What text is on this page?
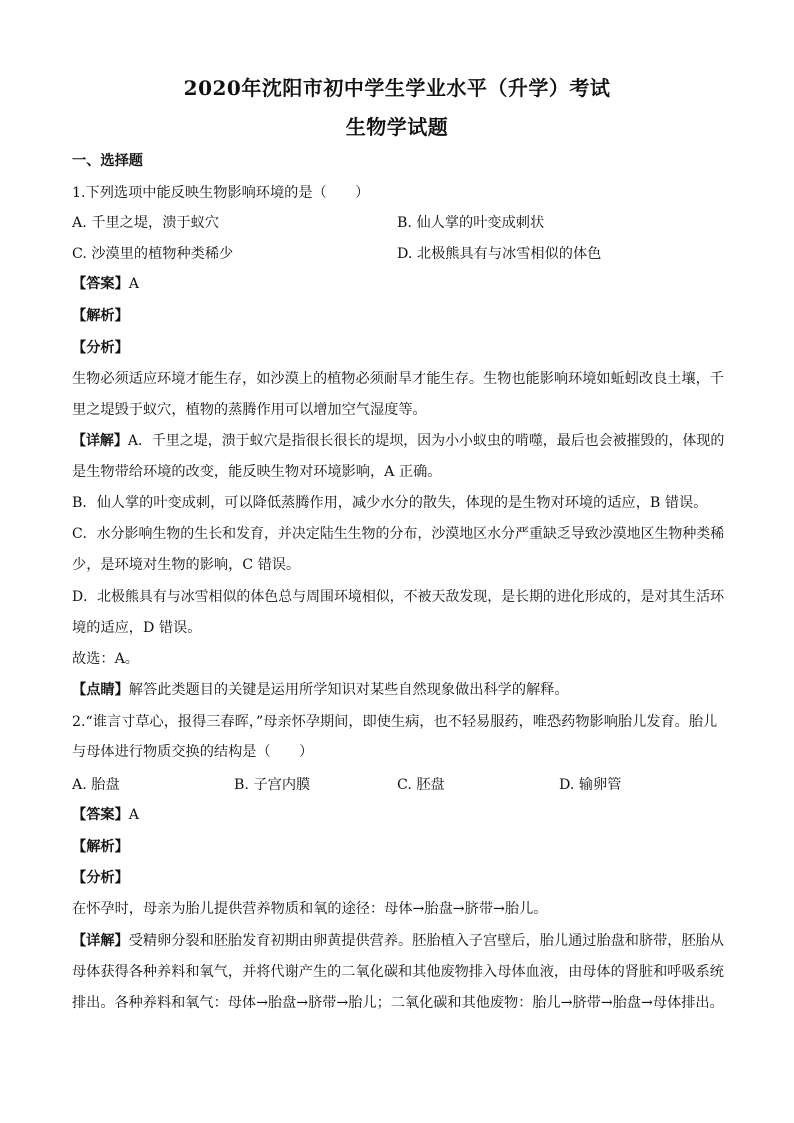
2020年沈阳市初中学生学业水平（升学）考试
生物学试题
一、选择题
1.下列选项中能反映生物影响环境的是（　　）
A. 千里之堤，溃于蚁穴	B. 仙人掌的叶变成刺状
C. 沙漠里的植物种类稀少	D. 北极熊具有与冰雪相似的体色
【答案】A
【解析】
【分析】
生物必须适应环境才能生存，如沙漠上的植物必须耐旱才能生存。生物也能影响环境如蚯蚓改良土壤，千
里之堤毁于蚁穴，植物的蒸腾作用可以增加空气湿度等。
【详解】A．千里之堤，溃于蚁穴是指很长很长的堤坝，因为小小蚁虫的啃噬，最后也会被摧毁的，体现的
是生物带给环境的改变，能反映生物对环境影响，A 正确。
B．仙人掌的叶变成刺，可以降低蒸腾作用，减少水分的散失，体现的是生物对环境的适应，B 错误。
C．水分影响生物的生长和发育，并决定陆生生物的分布，沙漠地区水分严重缺乏导致沙漠地区生物种类稀
少，是环境对生物的影响，C 错误。
D．北极熊具有与冰雪相似的体色总与周围环境相似，不被天敌发现，是长期的进化形成的，是对其生活环
境的适应，D 错误。
故选：A。
【点睛】解答此类题目的关键是运用所学知识对某些自然现象做出科学的解释。
2.“谁言寸草心，报得三春晖，”母亲怀孕期间，即使生病，也不轻易服药，唯恐药物影响胎儿发育。胎儿
与母体进行物质交换的结构是（　　）
A. 胎盘	B. 子宫内膜	C. 胚盘	D. 输卵管
【答案】A
【解析】
【分析】
在怀孕时，母亲为胎儿提供营养物质和氧的途径：母体→胎盘→脐带→胎儿。
【详解】受精卵分裂和胚胎发育初期由卵黄提供营养。胚胎植入子宫壁后，胎儿通过胎盘和脐带，胚胎从
母体获得各种养料和氧气，并将代谢产生的二氧化碳和其他废物排入母体血液，由母体的肾脏和呼吸系统
排出。各种养料和氧气：母体→胎盘→脐带→胎儿；二氧化碳和其他废物：胎儿→脐带→胎盘→母体排出。
